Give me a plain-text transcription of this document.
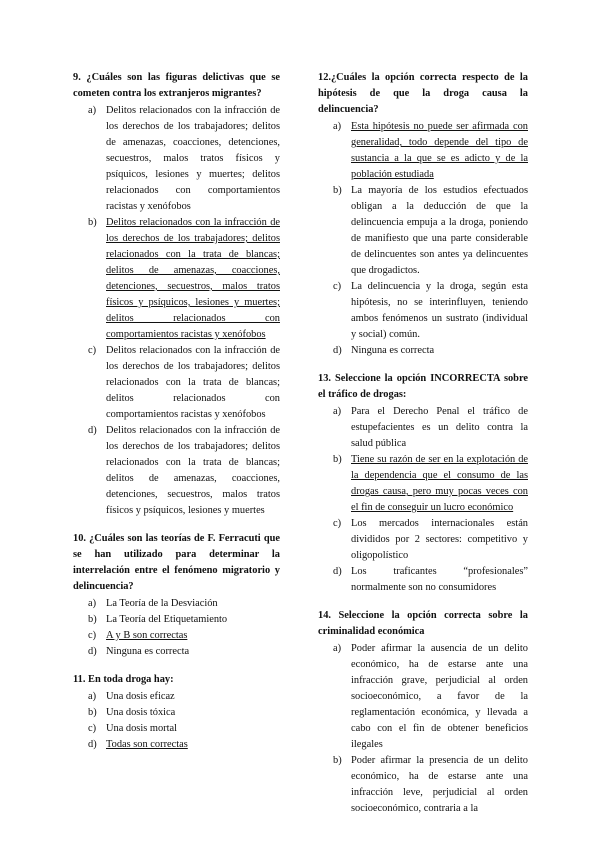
9. ¿Cuáles son las figuras delictivas que se cometen contra los extranjeros migrantes?

a) Delitos relacionados con la infracción de los derechos de los trabajadores; delitos de amenazas, coacciones, detenciones, secuestros, malos tratos físicos y psíquicos, lesiones y muertes; delitos relacionados con comportamientos racistas y xenófobos
b) Delitos relacionados con la infracción de los derechos de los trabajadores; delitos relacionados con la trata de blancas; delitos de amenazas, coacciones, detenciones, secuestros, malos tratos físicos y psíquicos, lesiones y muertes; delitos relacionados con comportamientos racistas y xenófobos
c) Delitos relacionados con la infracción de los derechos de los trabajadores; delitos relacionados con la trata de blancas; delitos relacionados con comportamientos racistas y xenófobos
d) Delitos relacionados con la infracción de los derechos de los trabajadores; delitos relacionados con la trata de blancas; delitos de amenazas, coacciones, detenciones, secuestros, malos tratos físicos y psíquicos, lesiones y muertes

10. ¿Cuáles son las teorías de F. Ferracuti que se han utilizado para determinar la interrelación entre el fenómeno migratorio y delincuencia?

a) La Teoría de la Desviación
b) La Teoría del Etiquetamiento
c) A y B son correctas
d) Ninguna es correcta

11. En toda droga hay:

a) Una dosis eficaz
b) Una dosis tóxica
c) Una dosis mortal
d) Todas son correctas

12.¿Cuáles la opción correcta respecto de la hipótesis de que la droga causa la delincuencia?

a) Esta hipótesis no puede ser afirmada con generalidad, todo depende del tipo de sustancia a la que se es adicto y de la población estudiada
b) La mayoría de los estudios efectuados obligan a la deducción de que la delincuencia empuja a la droga, poniendo de manifiesto que una parte considerable de delincuentes son antes ya delincuentes que drogadictos.
c) La delincuencia y la droga, según esta hipótesis, no se interinfluyen, teniendo ambos fenómenos un sustrato (individual y social) común.
d) Ninguna es correcta

13. Seleccione la opción INCORRECTA sobre el tráfico de drogas:

a) Para el Derecho Penal el tráfico de estupefacientes es un delito contra la salud pública
b) Tiene su razón de ser en la explotación de la dependencia que el consumo de las drogas causa, pero muy pocas veces con el fin de conseguir un lucro económico
c) Los mercados internacionales están divididos por 2 sectores: competitivo y oligopolístico
d) Los traficantes “profesionales” normalmente son no consumidores

14. Seleccione la opción correcta sobre la criminalidad económica

a) Poder afirmar la ausencia de un delito económico, ha de estarse ante una infracción grave, perjudicial al orden socioeconómico, a favor de la reglamentación económica, y llevada a cabo con el fin de obtener beneficios ilegales
b) Poder afirmar la presencia de un delito económico, ha de estarse ante una infracción leve, perjudicial al orden socioeconómico, contraria a la
